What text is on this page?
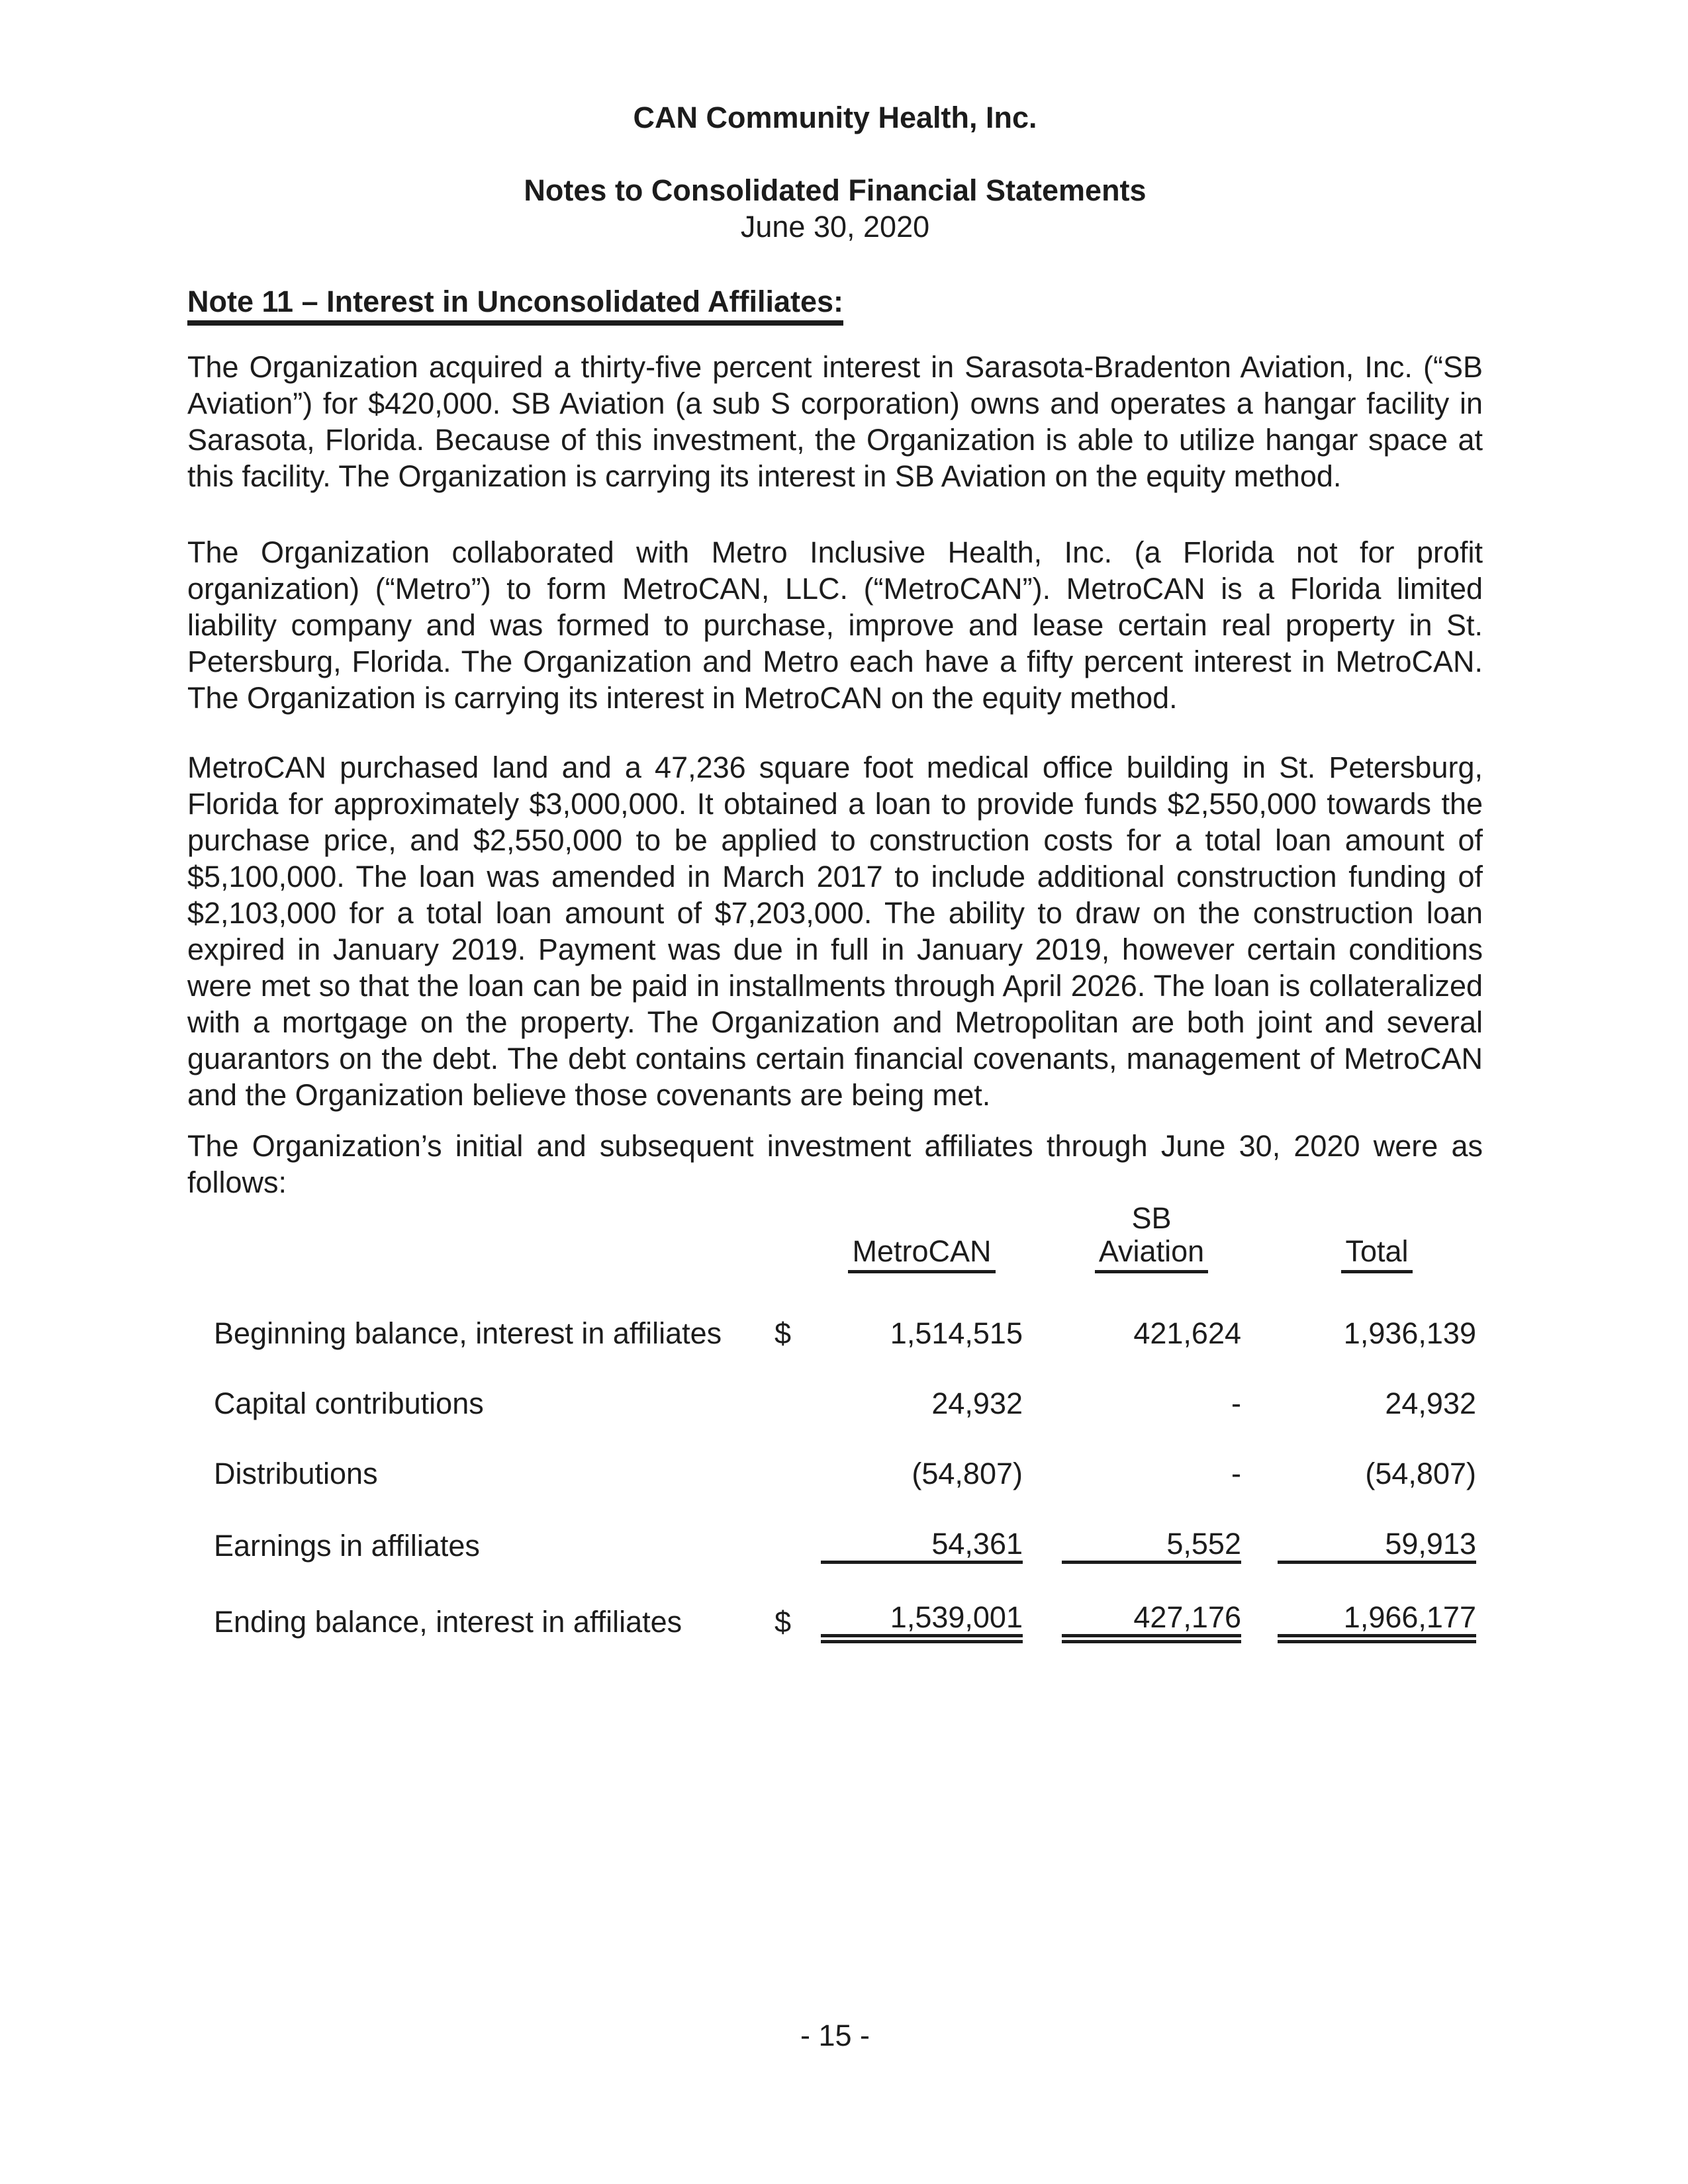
CAN Community Health, Inc.
Notes to Consolidated Financial Statements
June 30, 2020
Note 11 – Interest in Unconsolidated Affiliates:

The Organization acquired a thirty-five percent interest in Sarasota-Bradenton Aviation, Inc. (“SB Aviation”) for $420,000. SB Aviation (a sub S corporation) owns and operates a hangar facility in Sarasota, Florida. Because of this investment, the Organization is able to utilize hangar space at this facility. The Organization is carrying its interest in SB Aviation on the equity method.

The Organization collaborated with Metro Inclusive Health, Inc. (a Florida not for profit organization) (“Metro”) to form MetroCAN, LLC. (“MetroCAN”). MetroCAN is a Florida limited liability company and was formed to purchase, improve and lease certain real property in St. Petersburg, Florida. The Organization and Metro each have a fifty percent interest in MetroCAN. The Organization is carrying its interest in MetroCAN on the equity method.

MetroCAN purchased land and a 47,236 square foot medical office building in St. Petersburg, Florida for approximately $3,000,000. It obtained a loan to provide funds $2,550,000 towards the purchase price, and $2,550,000 to be applied to construction costs for a total loan amount of $5,100,000. The loan was amended in March 2017 to include additional construction funding of $2,103,000 for a total loan amount of $7,203,000. The ability to draw on the construction loan expired in January 2019. Payment was due in full in January 2019, however certain conditions were met so that the loan can be paid in installments through April 2026. The loan is collateralized with a mortgage on the property. The Organization and Metropolitan are both joint and several guarantors on the debt. The debt contains certain financial covenants, management of MetroCAN and the Organization believe those covenants are being met.

The Organization’s initial and subsequent investment affiliates through June 30, 2020 were as follows:

				SB		
		MetroCAN		Aviation		Total
Beginning balance, interest in affiliates	$	1,514,515		421,624		1,936,139
Capital contributions		24,932		-		24,932
Distributions		(54,807)		-		(54,807)
Earnings in affiliates		54,361		5,552		59,913
Ending balance, interest in affiliates	$	1,539,001		427,176		1,966,177
- 15 -
